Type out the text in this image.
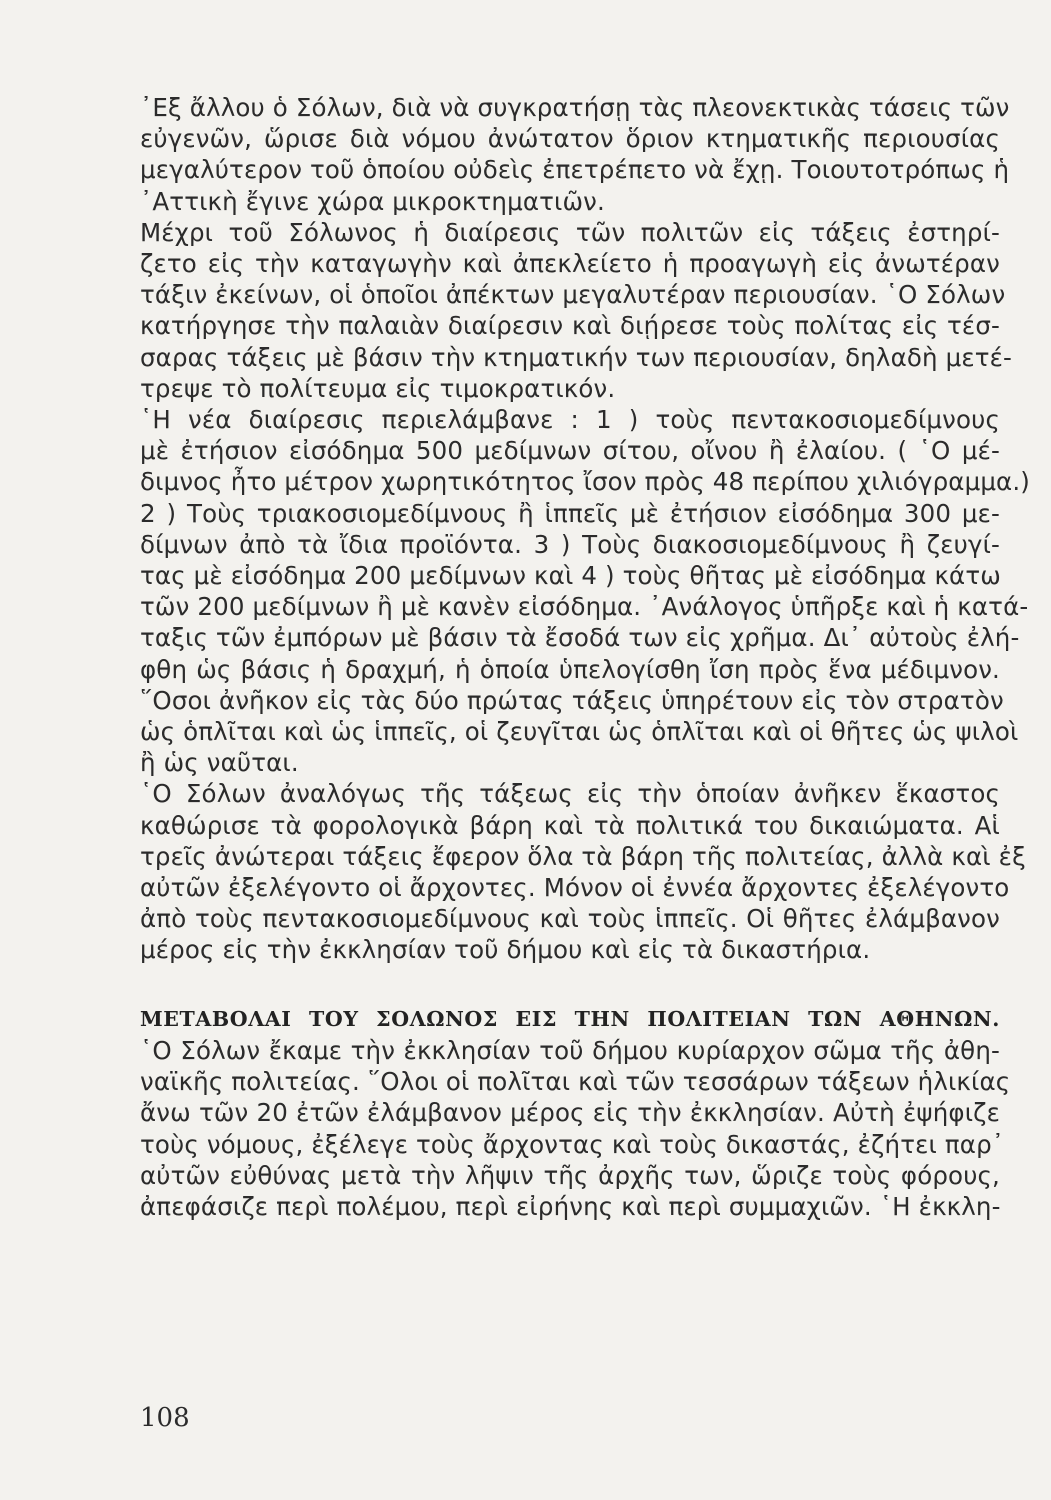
᾿Εξ ἄλλου ὁ Σόλων, διὰ νὰ συγκρατήσῃ τὰς πλεονεκτικὰς τάσεις τῶν
εὐγενῶν, ὥρισε διὰ νόμου ἀνώτατον ὅριον κτηματικῆς περιουσίας
μεγαλύτερον τοῦ ὁποίου οὐδεὶς ἐπετρέπετο νὰ ἔχῃ. Τοιουτοτρόπως ἡ
᾿Αττικὴ ἔγινε χώρα μικροκτηματιῶν.
Μέχρι τοῦ Σόλωνος ἡ διαίρεσις τῶν πολιτῶν εἰς τάξεις ἐστηρί-
ζετο εἰς τὴν καταγωγὴν καὶ ἀπεκλείετο ἡ προαγωγὴ εἰς ἀνωτέραν
τάξιν ἐκείνων, οἱ ὁποῖοι ἀπέκτων μεγαλυτέραν περιουσίαν. ῾Ο Σόλων
κατήργησε τὴν παλαιὰν διαίρεσιν καὶ διῄρεσε τοὺς πολίτας εἰς τέσ-
σαρας τάξεις μὲ βάσιν τὴν κτηματικήν των περιουσίαν, δηλαδὴ μετέ-
τρεψε τὸ πολίτευμα εἰς τιμοκρατικόν.
῾Η νέα διαίρεσις περιελάμβανε : 1 ) τοὺς πεντακοσιομεδίμνους
μὲ ἐτήσιον εἰσόδημα 500 μεδίμνων σίτου, οἴνου ἢ ἐλαίου. ( ῾Ο μέ-
διμνος ἦτο μέτρον χωρητικότητος ἴσον πρὸς 48 περίπου χιλιόγραμμα.)
2 ) Τοὺς τριακοσιομεδίμνους ἢ ἱππεῖς μὲ ἐτήσιον εἰσόδημα 300 με-
δίμνων ἀπὸ τὰ ἴδια προϊόντα. 3 ) Τοὺς διακοσιομεδίμνους ἢ ζευγί-
τας μὲ εἰσόδημα 200 μεδίμνων καὶ 4 ) τοὺς θῆτας μὲ εἰσόδημα κάτω
τῶν 200 μεδίμνων ἢ μὲ κανὲν εἰσόδημα. ᾿Ανάλογος ὑπῆρξε καὶ ἡ κατά-
ταξις τῶν ἐμπόρων μὲ βάσιν τὰ ἔσοδά των εἰς χρῆμα. Δι᾿ αὐτοὺς ἐλή-
φθη ὡς βάσις ἡ δραχμή, ἡ ὁποία ὑπελογίσθη ἴση πρὸς ἕνα μέδιμνον.
῞Οσοι ἀνῆκον εἰς τὰς δύο πρώτας τάξεις ὑπηρέτουν εἰς τὸν στρατὸν
ὡς ὁπλῖται καὶ ὡς ἱππεῖς, οἱ ζευγῖται ὡς ὁπλῖται καὶ οἱ θῆτες ὡς ψιλοὶ
ἢ ὡς ναῦται.
῾Ο Σόλων ἀναλόγως τῆς τάξεως εἰς τὴν ὁποίαν ἀνῆκεν ἕκαστος
καθώρισε τὰ φορολογικὰ βάρη καὶ τὰ πολιτικά του δικαιώματα. Αἱ
τρεῖς ἀνώτεραι τάξεις ἔφερον ὅλα τὰ βάρη τῆς πολιτείας, ἀλλὰ καὶ ἐξ
αὐτῶν ἐξελέγοντο οἱ ἄρχοντες. Μόνον οἱ ἐννέα ἄρχοντες ἐξελέγοντο
ἀπὸ τοὺς πεντακοσιομεδίμνους καὶ τοὺς ἱππεῖς. Οἱ θῆτες ἐλάμβανον
μέρος εἰς τὴν ἐκκλησίαν τοῦ δήμου καὶ εἰς τὰ δικαστήρια.
ΜΕΤΑΒΟΛΑΙ ΤΟΥ ΣΟΛΩΝΟΣ ΕΙΣ ΤΗΝ ΠΟΛΙΤΕΙΑΝ ΤΩΝ ΑΘΗΝΩΝ.
῾Ο Σόλων ἔκαμε τὴν ἐκκλησίαν τοῦ δήμου κυρίαρχον σῶμα τῆς ἀθη-
ναϊκῆς πολιτείας. ῞Ολοι οἱ πολῖται καὶ τῶν τεσσάρων τάξεων ἡλικίας
ἄνω τῶν 20 ἐτῶν ἐλάμβανον μέρος εἰς τὴν ἐκκλησίαν. Αὐτὴ ἐψήφιζε
τοὺς νόμους, ἐξέλεγε τοὺς ἄρχοντας καὶ τοὺς δικαστάς, ἐζήτει παρ᾿
αὐτῶν εὐθύνας μετὰ τὴν λῆψιν τῆς ἀρχῆς των, ὥριζε τοὺς φόρους,
ἀπεφάσιζε περὶ πολέμου, περὶ εἰρήνης καὶ περὶ συμμαχιῶν. ῾Η ἐκκλη-
108
